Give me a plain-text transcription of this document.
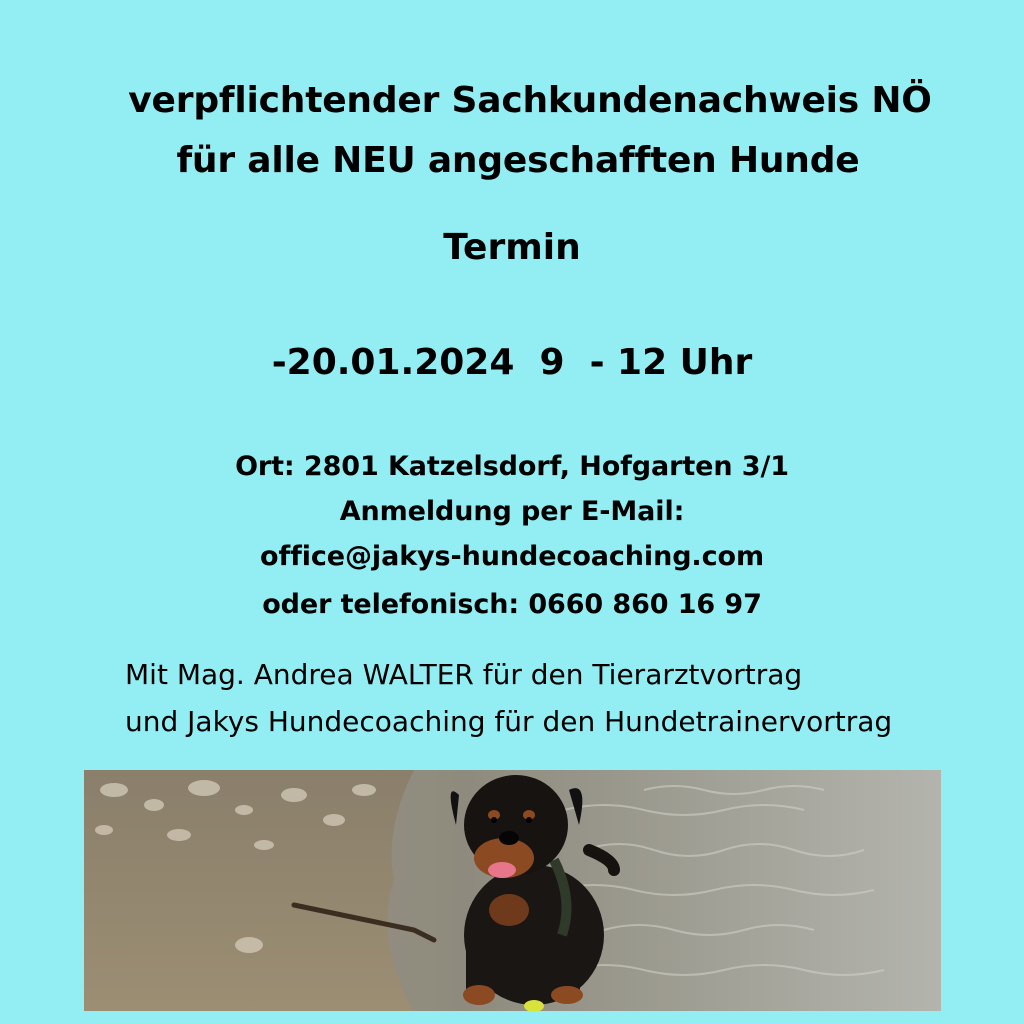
verpflichtender Sachkundenachweis NÖ
für alle NEU angeschafften Hunde
Termin
-20.01.2024  9  - 12 Uhr
Ort: 2801 Katzelsdorf, Hofgarten 3/1
Anmeldung per E-Mail:
office@jakys-hundecoaching.com
oder telefonisch: 0660 860 16 97
Mit Mag. Andrea WALTER für den Tierarztvortrag
und Jakys Hundecoaching für den Hundetrainervortrag
